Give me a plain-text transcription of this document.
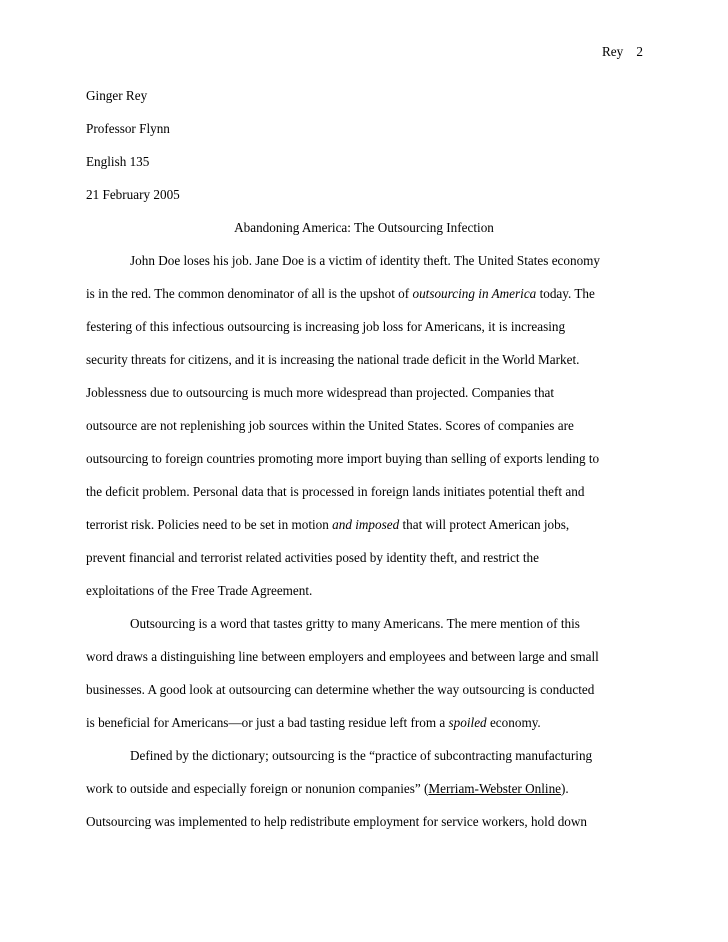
Rey 2
Ginger Rey
Professor Flynn
English 135
21 February 2005
Abandoning America: The Outsourcing Infection
John Doe loses his job. Jane Doe is a victim of identity theft. The United States economy
is in the red. The common denominator of all is the upshot of outsourcing in America today. The
festering of this infectious outsourcing is increasing job loss for Americans, it is increasing
security threats for citizens, and it is increasing the national trade deficit in the World Market.
Joblessness due to outsourcing is much more widespread than projected. Companies that
outsource are not replenishing job sources within the United States. Scores of companies are
outsourcing to foreign countries promoting more import buying than selling of exports lending to
the deficit problem. Personal data that is processed in foreign lands initiates potential theft and
terrorist risk. Policies need to be set in motion and imposed that will protect American jobs,
prevent financial and terrorist related activities posed by identity theft, and restrict the
exploitations of the Free Trade Agreement.
Outsourcing is a word that tastes gritty to many Americans. The mere mention of this
word draws a distinguishing line between employers and employees and between large and small
businesses. A good look at outsourcing can determine whether the way outsourcing is conducted
is beneficial for Americans—or just a bad tasting residue left from a spoiled economy.
Defined by the dictionary; outsourcing is the “practice of subcontracting manufacturing
work to outside and especially foreign or nonunion companies” (Merriam-Webster Online).
Outsourcing was implemented to help redistribute employment for service workers, hold down
